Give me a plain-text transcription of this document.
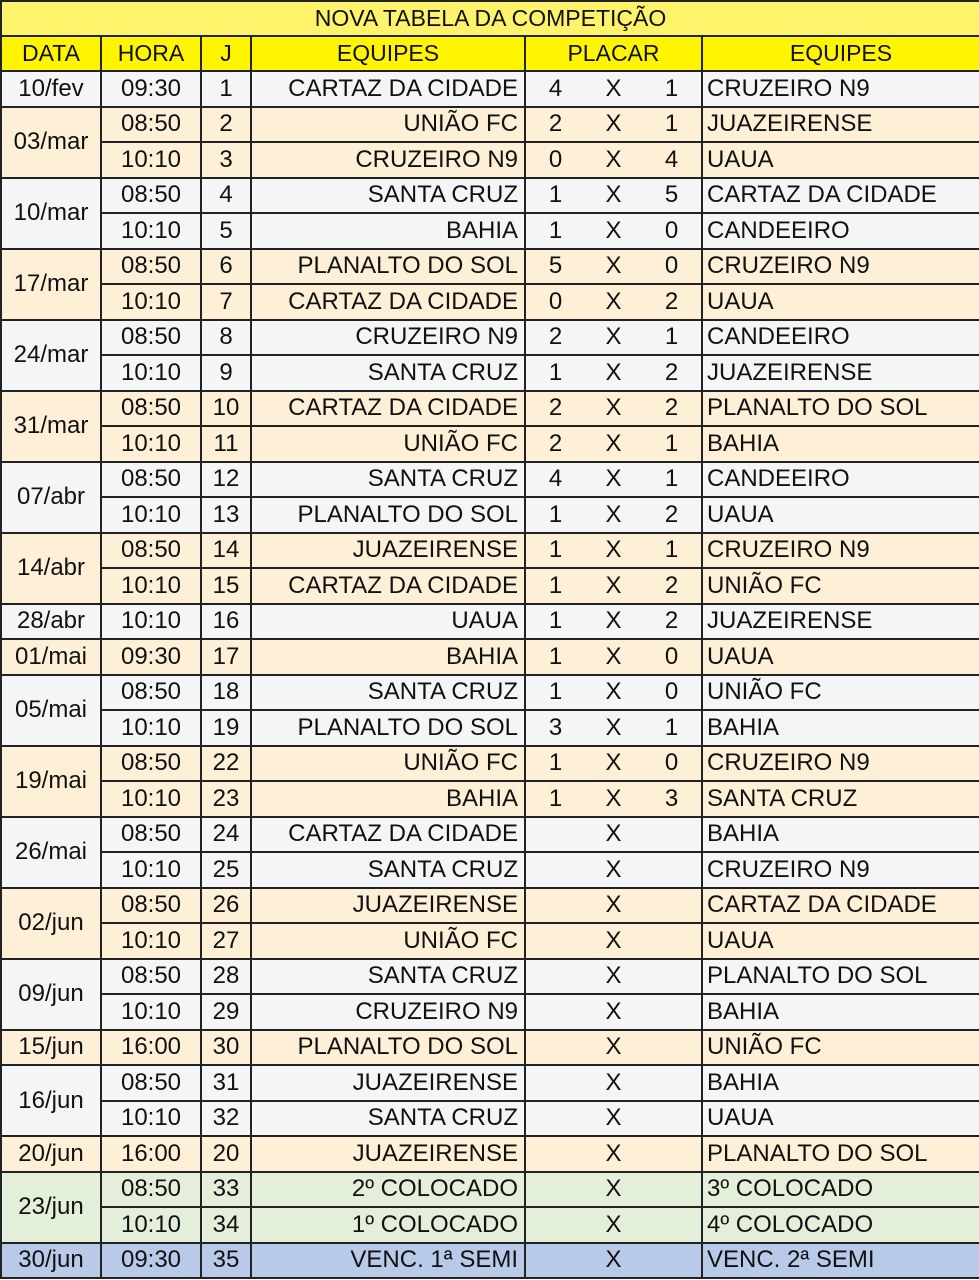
NOVA TABELA DA COMPETIÇÃO							
DATA	HORA	J	EQUIPES	PLACAR			EQUIPES
10/fev	09:30	1	CARTAZ DA CIDADE	4	X	1	CRUZEIRO N9
03/mar	08:50	2	UNIÃO FC	2	X	1	JUAZEIRENSE
	10:10	3	CRUZEIRO N9	0	X	4	UAUA
10/mar	08:50	4	SANTA CRUZ	1	X	5	CARTAZ DA CIDADE
	10:10	5	BAHIA	1	X	0	CANDEEIRO
17/mar	08:50	6	PLANALTO DO SOL	5	X	0	CRUZEIRO N9
	10:10	7	CARTAZ DA CIDADE	0	X	2	UAUA
24/mar	08:50	8	CRUZEIRO N9	2	X	1	CANDEEIRO
	10:10	9	SANTA CRUZ	1	X	2	JUAZEIRENSE
31/mar	08:50	10	CARTAZ DA CIDADE	2	X	2	PLANALTO DO SOL
	10:10	11	UNIÃO FC	2	X	1	BAHIA
07/abr	08:50	12	SANTA CRUZ	4	X	1	CANDEEIRO
	10:10	13	PLANALTO DO SOL	1	X	2	UAUA
14/abr	08:50	14	JUAZEIRENSE	1	X	1	CRUZEIRO N9
	10:10	15	CARTAZ DA CIDADE	1	X	2	UNIÃO FC
28/abr	10:10	16	UAUA	1	X	2	JUAZEIRENSE
01/mai	09:30	17	BAHIA	1	X	0	UAUA
05/mai	08:50	18	SANTA CRUZ	1	X	0	UNIÃO FC
	10:10	19	PLANALTO DO SOL	3	X	1	BAHIA
19/mai	08:50	22	UNIÃO FC	1	X	0	CRUZEIRO N9
	10:10	23	BAHIA	1	X	3	SANTA CRUZ
26/mai	08:50	24	CARTAZ DA CIDADE		X		BAHIA
	10:10	25	SANTA CRUZ		X		CRUZEIRO N9
02/jun	08:50	26	JUAZEIRENSE		X		CARTAZ DA CIDADE
	10:10	27	UNIÃO FC		X		UAUA
09/jun	08:50	28	SANTA CRUZ		X		PLANALTO DO SOL
	10:10	29	CRUZEIRO N9		X		BAHIA
15/jun	16:00	30	PLANALTO DO SOL		X		UNIÃO FC
16/jun	08:50	31	JUAZEIRENSE		X		BAHIA
	10:10	32	SANTA CRUZ		X		UAUA
20/jun	16:00	20	JUAZEIRENSE		X		PLANALTO DO SOL
23/jun	08:50	33	2º COLOCADO		X		3º COLOCADO
	10:10	34	1º COLOCADO		X		4º COLOCADO
30/jun	09:30	35	VENC. 1ª SEMI		X		VENC. 2ª SEMI
